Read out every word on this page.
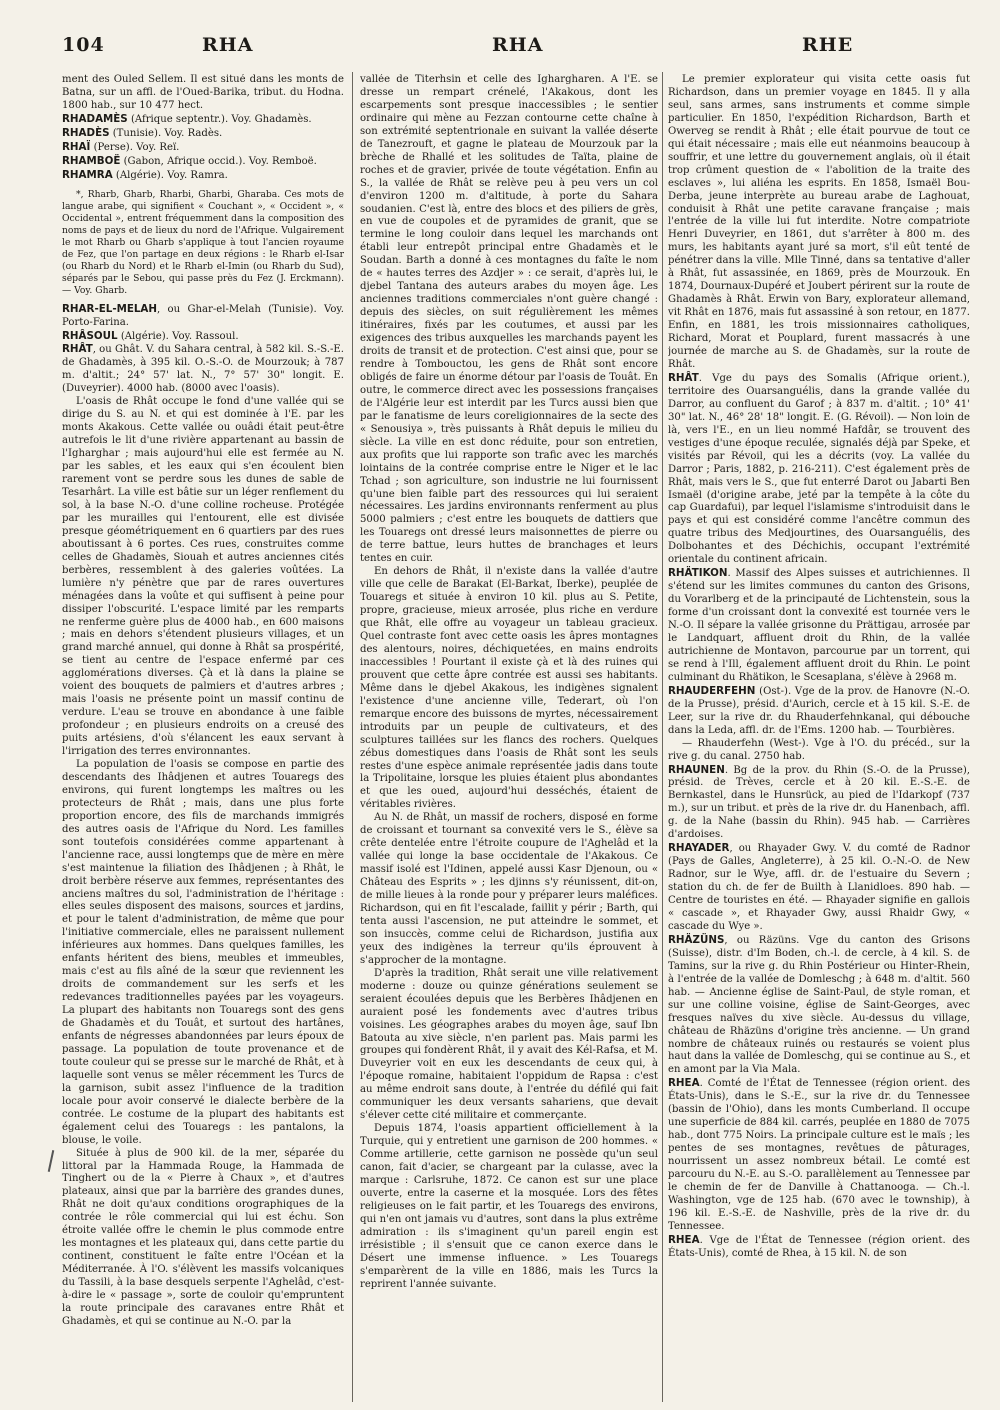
104	RHA	RHA	RHE

ment des Ouled Sellem. Il est situé dans les monts de Batna, sur un affl. de l'Oued-Barika, tribut. du Hodna. 1800 hab., sur 10 477 hect.

RHADAMÈS (Afrique septentr.). Voy. Ghadamès.

RHADÈS (Tunisie). Voy. Radès.

RHAÏ (Perse). Voy. Reï.

RHAMBOË (Gabon, Afrique occid.). Voy. Remboë.

RHAMRA (Algérie). Voy. Ramra.

*, Rharb, Gharb, Rharbi, Gharbi, Gharaba. Ces mots de langue arabe, qui signifient « Couchant », « Occident », « Occidental », entrent fréquemment dans la composition des noms de pays et de lieux du nord de l'Afrique. Vulgairement le mot Rharb ou Gharb s'applique à tout l'ancien royaume de Fez, que l'on partage en deux régions : le Rharb el-Isar (ou Rharb du Nord) et le Rharb el-Imin (ou Rharb du Sud), séparés par le Sebou, qui passe près du Fez (J. Erckmann). — Voy. Gharb.

RHAR-EL-MELAH, ou Ghar-el-Melah (Tunisie). Voy. Porto-Farina.

RHÂSOUL (Algérie). Voy. Rassoul.

RHÂT, ou Ghât. V. du Sahara central, à 582 kil. S.-S.-E. de Ghadamès, à 395 kil. O.-S.-O. de Mourzouk; à 787 m. d'altit.; 24° 57' lat. N., 7° 57' 30" longit. E. (Duveyrier). 4000 hab. (8000 avec l'oasis).

L'oasis de Rhât occupe le fond d'une vallée qui se dirige du S. au N. et qui est dominée à l'E. par les monts Akakous. Cette vallée ou ouâdi était peut-être autrefois le lit d'une rivière appartenant au bassin de l'Igharghar ; mais aujourd'hui elle est fermée au N. par les sables, et les eaux qui s'en écoulent bien rarement vont se perdre sous les dunes de sable de Tesarhârt. La ville est bâtie sur un léger renflement du sol, à la base N.-O. d'une colline rocheuse. Protégée par les murailles qui l'entourent, elle est divisée presque géométriquement en 6 quartiers par des rues aboutissant à 6 portes. Ces rues, construites comme celles de Ghadamès, Siouah et autres anciennes cités berbères, ressemblent à des galeries voûtées. La lumière n'y pénètre que par de rares ouvertures ménagées dans la voûte et qui suffisent à peine pour dissiper l'obscurité. L'espace limité par les remparts ne renferme guère plus de 4000 hab., en 600 maisons ; mais en dehors s'étendent plusieurs villages, et un grand marché annuel, qui donne à Rhât sa prospérité, se tient au centre de l'espace enfermé par ces agglomérations diverses. Çà et là dans la plaine se voient des bouquets de palmiers et d'autres arbres ; mais l'oasis ne présente point un massif continu de verdure. L'eau se trouve en abondance à une faible profondeur ; en plusieurs endroits on a creusé des puits artésiens, d'où s'élancent les eaux servant à l'irrigation des terres environnantes.

La population de l'oasis se compose en partie des descendants des Ihâdjenen et autres Touaregs des environs, qui furent longtemps les maîtres ou les protecteurs de Rhât ; mais, dans une plus forte proportion encore, des fils de marchands immigrés des autres oasis de l'Afrique du Nord. Les familles sont toutefois considérées comme appartenant à l'ancienne race, aussi longtemps que de mère en mère s'est maintenue la filiation des Ihâdjenen ; à Rhât, le droit berbère réserve aux femmes, représentantes des anciens maîtres du sol, l'administration de l'héritage : elles seules disposent des maisons, sources et jardins, et pour le talent d'administration, de même que pour l'initiative commerciale, elles ne paraissent nullement inférieures aux hommes. Dans quelques familles, les enfants héritent des biens, meubles et immeubles, mais c'est au fils aîné de la sœur que reviennent les droits de commandement sur les serfs et les redevances traditionnelles payées par les voyageurs. La plupart des habitants non Touaregs sont des gens de Ghadamès et du Touât, et surtout des hartânes, enfants de négresses abandonnées par leurs époux de passage. La population de toute provenance et de toute couleur qui se presse sur le marché de Rhât, et à laquelle sont venus se mêler récemment les Turcs de la garnison, subit assez l'influence de la tradition locale pour avoir conservé le dialecte berbère de la contrée. Le costume de la plupart des habitants est également celui des Touaregs : les pantalons, la blouse, le voile.

Située à plus de 900 kil. de la mer, séparée du littoral par la Hammada Rouge, la Hammada de Tinghert ou de la « Pierre à Chaux », et d'autres plateaux, ainsi que par la barrière des grandes dunes, Rhât ne doit qu'aux conditions orographiques de la contrée le rôle commercial qui lui est échu. Son étroite vallée offre le chemin le plus commode entre les montagnes et les plateaux qui, dans cette partie du continent, constituent le faîte entre l'Océan et la Méditerranée. À l'O. s'élèvent les massifs volcaniques du Tassili, à la base desquels serpente l'Aghelâd, c'est-à-dire le « passage », sorte de couloir qu'empruntent la route principale des caravanes entre Rhât et Ghadamès, et qui se continue au N.-O. par la

vallée de Titerhsin et celle des Ighargharen. À l'E. se dresse un rempart crénelé, l'Akakous, dont les escarpements sont presque inaccessibles ; le sentier ordinaire qui mène au Fezzan contourne cette chaîne à son extrémité septentrionale en suivant la vallée déserte de Tanezrouft, et gagne le plateau de Mourzouk par la brèche de Rhallé et les solitudes de Taïta, plaine de roches et de gravier, privée de toute végétation. Enfin au S., la vallée de Rhât se relève peu à peu vers un col d'environ 1200 m. d'altitude, à porte du Sahara soudanien. C'est là, entre des blocs et des piliers de grès, en vue de coupoles et de pyramides de granit, que se termine le long couloir dans lequel les marchands ont établi leur entrepôt principal entre Ghadamès et le Soudan. Barth a donné à ces montagnes du faîte le nom de « hautes terres des Azdjer » : ce serait, d'après lui, le djebel Tantana des auteurs arabes du moyen âge. Les anciennes traditions commerciales n'ont guère changé : depuis des siècles, on suit régulièrement les mêmes itinéraires, fixés par les coutumes, et aussi par les exigences des tribus auxquelles les marchands payent les droits de transit et de protection. C'est ainsi que, pour se rendre à Tombouctou, les gens de Rhât sont encore obligés de faire un énorme détour par l'oasis de Touât. En outre, le commerce direct avec les possessions françaises de l'Algérie leur est interdit par les Turcs aussi bien que par le fanatisme de leurs coreligionnaires de la secte des « Senousiya », très puissants à Rhât depuis le milieu du siècle. La ville en est donc réduite, pour son entretien, aux profits que lui rapporte son trafic avec les marchés lointains de la contrée comprise entre le Niger et le lac Tchad ; son agriculture, son industrie ne lui fournissent qu'une bien faible part des ressources qui lui seraient nécessaires. Les jardins environnants renferment au plus 5000 palmiers ; c'est entre les bouquets de dattiers que les Touaregs ont dressé leurs maisonnettes de pierre ou de terre battue, leurs huttes de branchages et leurs tentes en cuir.

En dehors de Rhât, il n'existe dans la vallée d'autre ville que celle de Barakat (El-Barkat, Iberke), peuplée de Touaregs et située à environ 10 kil. plus au S. Petite, propre, gracieuse, mieux arrosée, plus riche en verdure que Rhât, elle offre au voyageur un tableau gracieux. Quel contraste font avec cette oasis les âpres montagnes des alentours, noires, déchiquetées, en mains endroits inaccessibles ! Pourtant il existe çà et là des ruines qui prouvent que cette âpre contrée est aussi ses habitants. Même dans le djebel Akakous, les indigènes signalent l'existence d'une ancienne ville, Tederart, où l'on remarque encore des buissons de myrtes, nécessairement introduits par un peuple de cultivateurs, et des sculptures taillées sur les flancs des rochers. Quelques zébus domestiques dans l'oasis de Rhât sont les seuls restes d'une espèce animale représentée jadis dans toute la Tripolitaine, lorsque les pluies étaient plus abondantes et que les oued, aujourd'hui desséchés, étaient de véritables rivières.

Au N. de Rhât, un massif de rochers, disposé en forme de croissant et tournant sa convexité vers le S., élève sa crête dentelée entre l'étroite coupure de l'Aghelâd et la vallée qui longe la base occidentale de l'Akakous. Ce massif isolé est l'Idinen, appelé aussi Kasr Djenoun, ou « Château des Esprits » ; les djinns s'y réunissent, dit-on, de mille lieues à la ronde pour y préparer leurs maléfices. Richardson, qui en fit l'escalade, faillit y périr ; Barth, qui tenta aussi l'ascension, ne put atteindre le sommet, et son insuccès, comme celui de Richardson, justifia aux yeux des indigènes la terreur qu'ils éprouvent à s'approcher de la montagne.

D'après la tradition, Rhât serait une ville relativement moderne : douze ou quinze générations seulement se seraient écoulées depuis que les Berbères Ihâdjenen en auraient posé les fondements avec d'autres tribus voisines. Les géographes arabes du moyen âge, sauf Ibn Batouta au xive siècle, n'en parlent pas. Mais parmi les groupes qui fondèrent Rhât, il y avait des Kél-Rafsa, et M. Duveyrier voit en eux les descendants de ceux qui, à l'époque romaine, habitaient l'oppidum de Rapsa : c'est au même endroit sans doute, à l'entrée du défilé qui fait communiquer les deux versants sahariens, que devait s'élever cette cité militaire et commerçante.

Depuis 1874, l'oasis appartient officiellement à la Turquie, qui y entretient une garnison de 200 hommes. « Comme artillerie, cette garnison ne possède qu'un seul canon, fait d'acier, se chargeant par la culasse, avec la marque : Carlsruhe, 1872. Ce canon est sur une place ouverte, entre la caserne et la mosquée. Lors des fêtes religieuses on le fait partir, et les Touaregs des environs, qui n'en ont jamais vu d'autres, sont dans la plus extrême admiration : ils s'imaginent qu'un pareil engin est irrésistible ; il s'ensuit que ce canon exerce dans le Désert une immense influence. » Les Touaregs s'emparèrent de la ville en 1886, mais les Turcs la reprirent l'année suivante.

Le premier explorateur qui visita cette oasis fut Richardson, dans un premier voyage en 1845. Il y alla seul, sans armes, sans instruments et comme simple particulier. En 1850, l'expédition Richardson, Barth et Owerveg se rendit à Rhât ; elle était pourvue de tout ce qui était nécessaire ; mais elle eut néanmoins beaucoup à souffrir, et une lettre du gouvernement anglais, où il était trop crûment question de « l'abolition de la traite des esclaves », lui aliéna les esprits. En 1858, Ismaël Bou-Derba, jeune interprète au bureau arabe de Laghouat, conduisit à Rhât une petite caravane française ; mais l'entrée de la ville lui fut interdite. Notre compatriote Henri Duveyrier, en 1861, dut s'arrêter à 800 m. des murs, les habitants ayant juré sa mort, s'il eût tenté de pénétrer dans la ville. Mlle Tinné, dans sa tentative d'aller à Rhât, fut assassinée, en 1869, près de Mourzouk. En 1874, Dournaux-Dupéré et Joubert périrent sur la route de Ghadamès à Rhât. Erwin von Bary, explorateur allemand, vit Rhât en 1876, mais fut assassiné à son retour, en 1877. Enfin, en 1881, les trois missionnaires catholiques, Richard, Morat et Pouplard, furent massacrés à une journée de marche au S. de Ghadamès, sur la route de Rhât.

RHÂT. Vge du pays des Somalis (Afrique orient.), territoire des Ouarsanguélis, dans la grande vallée du Darror, au confluent du Garof ; à 837 m. d'altit. ; 10° 41' 30" lat. N., 46° 28' 18" longit. E. (G. Révoil). — Non loin de là, vers l'E., en un lieu nommé Hafdâr, se trouvent des vestiges d'une époque reculée, signalés déjà par Speke, et visités par Révoil, qui les a décrits (voy. La vallée du Darror ; Paris, 1882, p. 216-211). C'est également près de Rhât, mais vers le S., que fut enterré Darot ou Jabarti Ben Ismaël (d'origine arabe, jeté par la tempête à la côte du cap Guardafui), par lequel l'islamisme s'introduisit dans le pays et qui est considéré comme l'ancêtre commun des quatre tribus des Medjourtines, des Ouarsanguélis, des Dolbohantes et des Déchichis, occupant l'extrémité orientale du continent africain.

RHÄTIKON. Massif des Alpes suisses et autrichiennes. Il s'étend sur les limites communes du canton des Grisons, du Vorarlberg et de la principauté de Lichtenstein, sous la forme d'un croissant dont la convexité est tournée vers le N.-O. Il sépare la vallée grisonne du Prättigau, arrosée par le Landquart, affluent droit du Rhin, de la vallée autrichienne de Montavon, parcourue par un torrent, qui se rend à l'Ill, également affluent droit du Rhin. Le point culminant du Rhätikon, le Scesaplana, s'élève à 2968 m.

RHAUDERFEHN (Ost-). Vge de la prov. de Hanovre (N.-O. de la Prusse), présid. d'Aurich, cercle et à 15 kil. S.-E. de Leer, sur la rive dr. du Rhauderfehnkanal, qui débouche dans la Leda, affl. dr. de l'Ems. 1200 hab. — Tourbières.

— Rhauderfehn (West-). Vge à l'O. du précéd., sur la rive g. du canal. 2750 hab.

RHAUNEN. Bg de la prov. du Rhin (S.-O. de la Prusse), présid. de Trèves, cercle et à 20 kil. E.-S.-E. de Bernkastel, dans le Hunsrück, au pied de l'Idarkopf (737 m.), sur un tribut. et près de la rive dr. du Hanenbach, affl. g. de la Nahe (bassin du Rhin). 945 hab. — Carrières d'ardoises.

RHAYADER, ou Rhayader Gwy. V. du comté de Radnor (Pays de Galles, Angleterre), à 25 kil. O.-N.-O. de New Radnor, sur le Wye, affl. dr. de l'estuaire du Severn ; station du ch. de fer de Builth à Llanidloes. 890 hab. — Centre de touristes en été. — Rhayader signifie en gallois « cascade », et Rhayader Gwy, aussi Rhaidr Gwy, « cascade du Wye ».

RHÄZÜNS, ou Räzüns. Vge du canton des Grisons (Suisse), distr. d'Im Boden, ch.-l. de cercle, à 4 kil. S. de Tamins, sur la rive g. du Rhin Postérieur ou Hinter-Rhein, à l'entrée de la vallée de Domleschg ; à 648 m. d'altit. 560 hab. — Ancienne église de Saint-Paul, de style roman, et sur une colline voisine, église de Saint-Georges, avec fresques naïves du xive siècle. Au-dessus du village, château de Rhäzüns d'origine très ancienne. — Un grand nombre de châteaux ruinés ou restaurés se voient plus haut dans la vallée de Domleschg, qui se continue au S., et en amont par la Via Mala.

RHEA. Comté de l'État de Tennessee (région orient. des États-Unis), dans le S.-E., sur la rive dr. du Tennessee (bassin de l'Ohio), dans les monts Cumberland. Il occupe une superficie de 884 kil. carrés, peuplée en 1880 de 7075 hab., dont 775 Noirs. La principale culture est le maïs ; les pentes de ses montagnes, revêtues de pâturages, nourrissent un assez nombreux bétail. Le comté est parcouru du N.-E. au S.-O. parallèlement au Tennessee par le chemin de fer de Danville à Chattanooga. — Ch.-l. Washington, vge de 125 hab. (670 avec le township), à 196 kil. E.-S.-E. de Nashville, près de la rive dr. du Tennessee.

RHEA. Vge de l'État de Tennessee (région orient. des États-Unis), comté de Rhea, à 15 kil. N. de son
